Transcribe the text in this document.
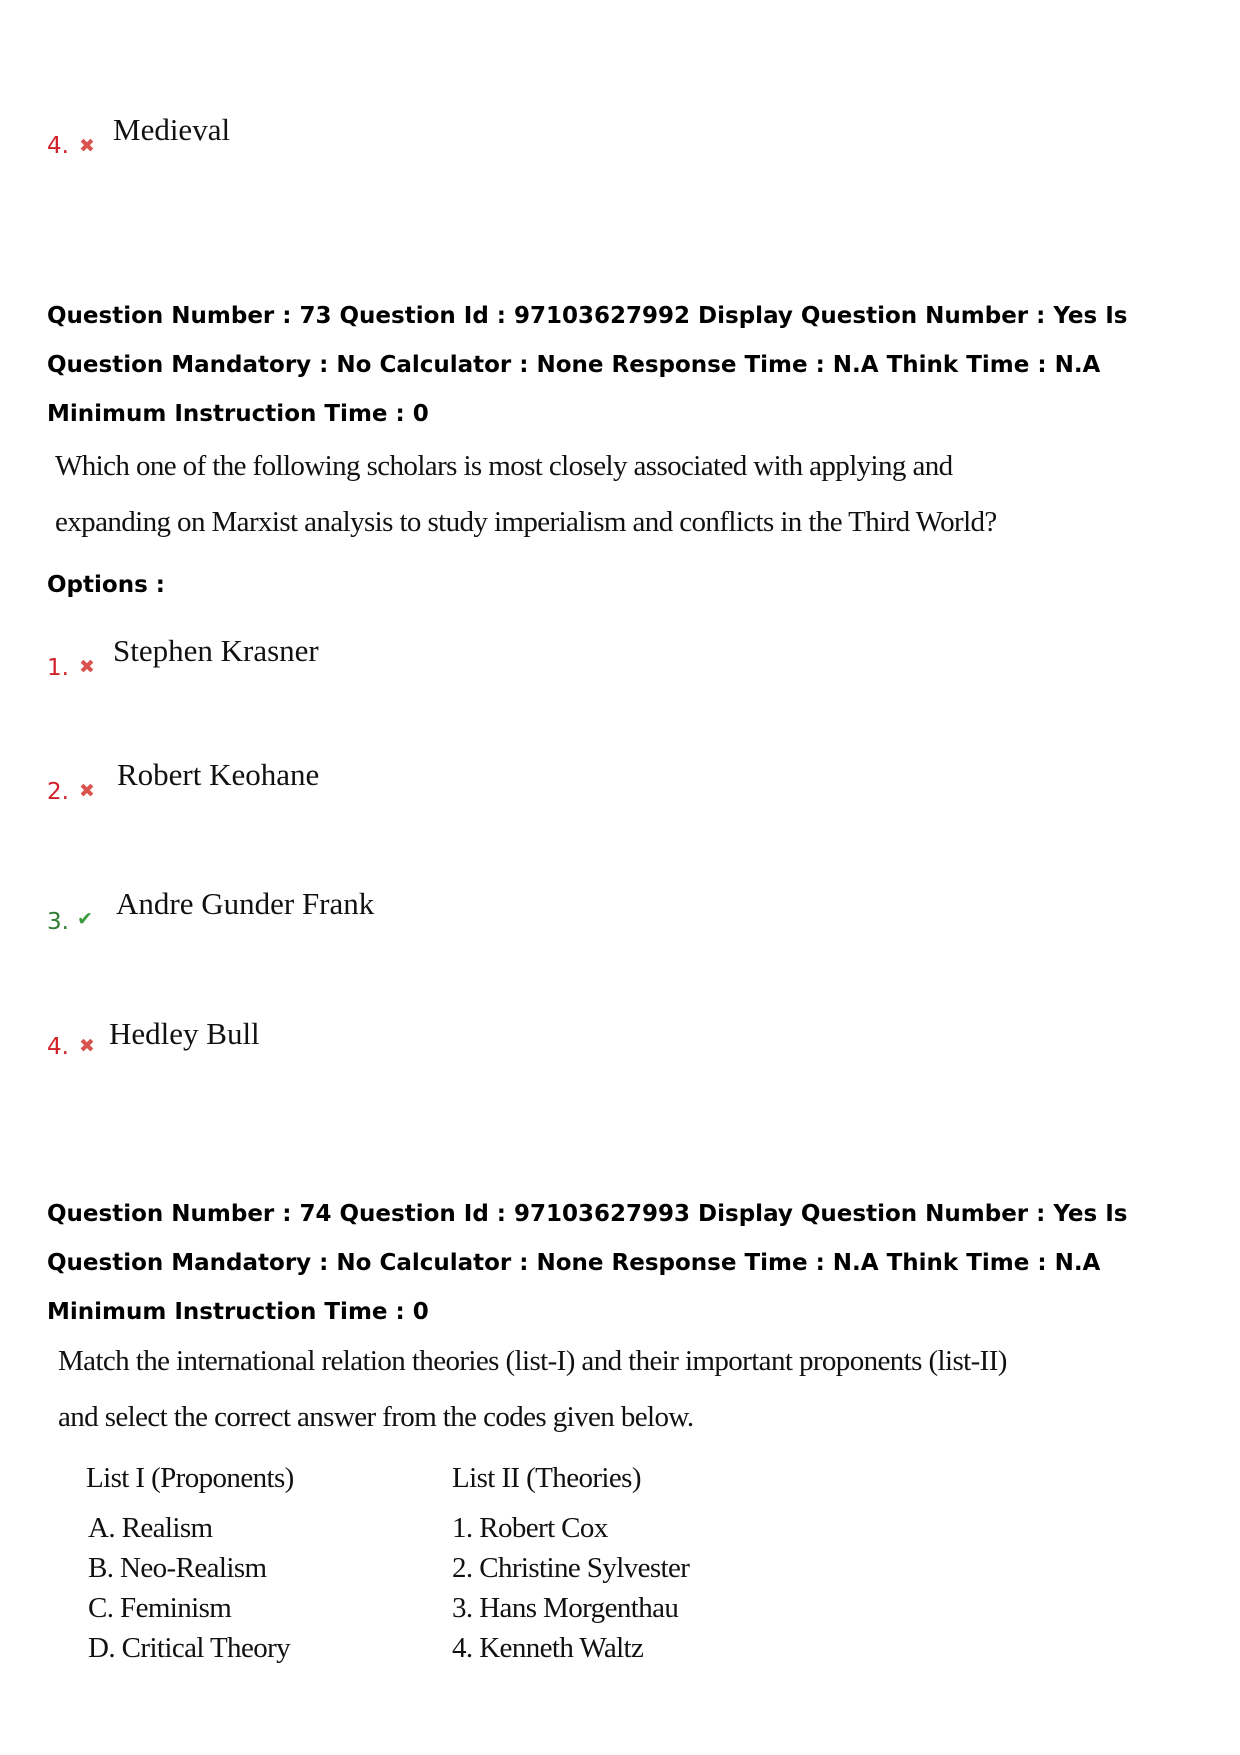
4. ✖ Medieval
Question Number : 73 Question Id : 97103627992 Display Question Number : Yes Is Question Mandatory : No Calculator : None Response Time : N.A Think Time : N.A Minimum Instruction Time : 0
Which one of the following scholars is most closely associated with applying and
expanding on Marxist analysis to study imperialism and conflicts in the Third World?
Options :
1. ✖ Stephen Krasner
2. ✖ Robert Keohane
3. ✔ Andre Gunder Frank
4. ✖ Hedley Bull
Question Number : 74 Question Id : 97103627993 Display Question Number : Yes Is Question Mandatory : No Calculator : None Response Time : N.A Think Time : N.A Minimum Instruction Time : 0
Match the international relation theories (list-I) and their important proponents (list-II)
and select the correct answer from the codes given below.
List I (Proponents)	List II (Theories)
A. Realism
B. Neo-Realism
C. Feminism
D. Critical Theory
1. Robert Cox
2. Christine Sylvester
3. Hans Morgenthau
4. Kenneth Waltz
